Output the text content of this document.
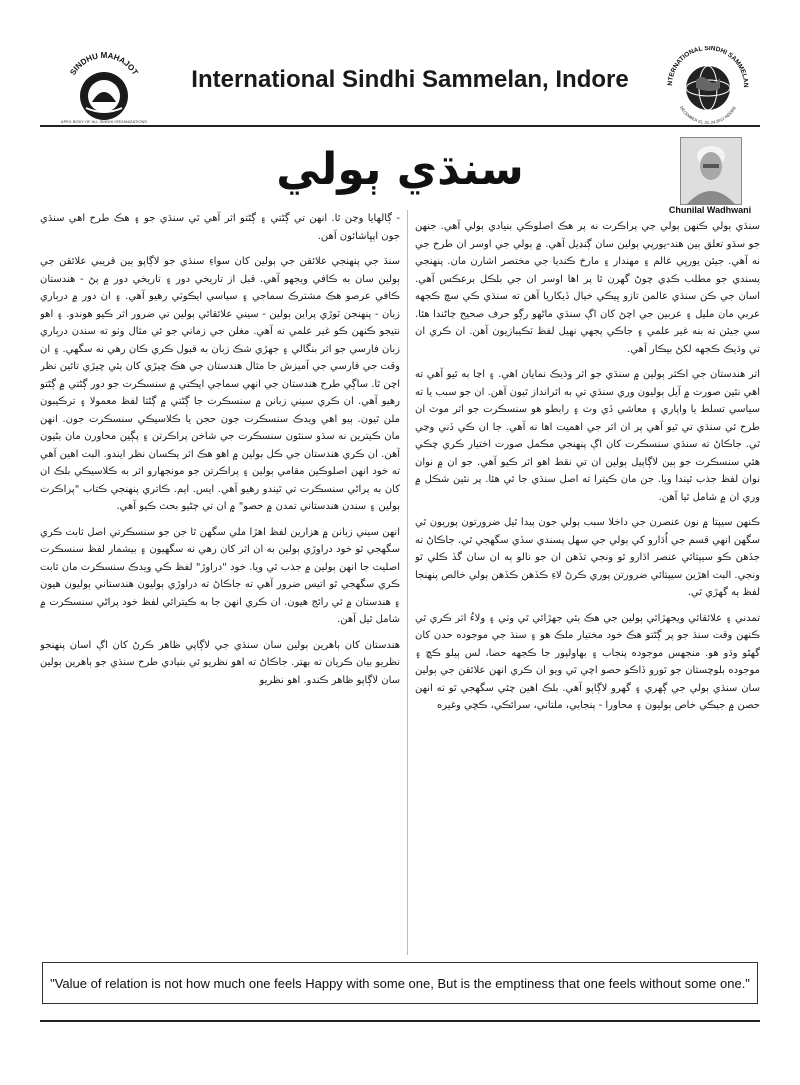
SINDHU MAHAJOT
APEX BODY OF ALL SINDHI ORGANIZATIONS
International Sindhi Sammelan, Indore	NTERNATIONAL SINDHI SAMMELAN
DECEMBER 22, 23, 24 2012 INDORE
سنڌي ٻولي
Chunilal Wadhwani

- ڳالهايا وڃن ٿا. انهن تي ڳڻتي ۽ ڳڻتو اثر آهي ٿي سنڌي جو ۽ هڪ طرح اهي سنڌي جون اپڀاشائون آهن.

سنڌ جي پنهنجي علائقن جي ٻولين کان سواءِ سنڌي جو لاڳاپو ٻين قريبي علائقن جي ٻولين سان به ڪافي ويجهو آهي. قبل از تاريخي دور ۽ تاريخي دور ۾ پڻ - هندستان ڪافي عرصو هڪ مشترڪ سماجي ۽ سياسي ايڪوٽي رهيو آهي. ۽ ان دور ۾ درٻاري زبان - پنهنجن ٽوڙي پراين ٻولين - سيني علائقائي ٻولين تي ضرور اثر ڪيو هوندو. ۽ اهو نتيجو ڪنهن ڪو غير علمي نه آهي. مغلن جي زماني جو ئي مثال وٺو ته سندن درٻاري زبان فارسي جو اثر بنگالي ۽ جهڙي شڪ زبان به قبول ڪري ڪان رهي نه سگهي. ۽ ان وقت جي فارسي جي آميزش جا مثال هندستان جي هڪ ڇيڙي کان ٻئي ڇيڙي تائين نظر اچن ٿا. ساڳي طرح هندستان جي انهي سماجي ايڪتي ۾ سنسڪرت جو دور ڳڻتي ۾ ڳڻتو رهيو آهي. ان ڪري سيني زبانن ۾ سنسڪرت جا ڳڻتي ۾ ڳڻتا لفظ معمولا ۽ ترڪيبون ملن ٿيون. ٻيو اهي ويدڪ سنسڪرت جون حجن يا ڪلاسيڪي سنسڪرت جون. انهن مان ڪيترين نه سڌو سنئون سنسڪرت جي شاخن پراڪرتن ۽ پڳين محاورن مان بڻيون آهن. ان ڪري هندستان جي ڪل ٻولين ۾ اهو هڪ اثر يڪسان نظر ايندو. البت اهين آهي ته خود انهن اصلوڪين مقامي ٻولين ۽ پراڪرتن جو مونجهارو اثر به ڪلاسيڪي بلڪ ان کان به پراڻي سنسڪرت تي ٿيندو رهيو آهي. ايس. ايم. ڪاتري پنهنجي ڪتاب "پراڪرت ٻولين ۽ سندن هندستاني تمدن ۾ حصو" ۾ ان تي ڄڻيو بحث ڪيو آهي.

انهن سيني زبانن ۾ هزارين لفظ اهڙا ملي سگهن ٿا جن جو سنسڪرتي اصل ثابت ڪري سگهجي ٿو خود دراوڙي ٻولين به ان اثر کان رهي نه سگهيون ۽ بيشمار لفظ سنسڪرت اصليت جا انهن ٻولين ۾ جذب ٿي ويا. خود "دراوڙ" لفظ ڪي ويدڪ سنسڪرت مان ثابت ڪري سگهجي ٿو اتيس ضرور آهي ته جاڪاڻ ته دراوڙي ٻوليون هندستاني ٻوليون هيون ۽ هندستان ۾ ئي رائج هيون. ان ڪري انهن جا به ڪيترائي لفظ خود پراڻي سنسڪرت ۾ شامل ٿيل آهن.

هندستان کان ٻاهرين ٻولين سان سنڌي جي لاڳاپي ظاهر ڪرڻ کان اڳ اسان پنهنجو نظريو بيان ڪريان ته بهتر. جاڪاڻ ته اهو نظريو ئي بنيادي طرح سنڌي جو ٻاهرين ٻولين سان لاڳاپو ظاهر ڪندو. اهو نظريو

سنڌي ٻولي ڪنهن ٻولي جي پراڪرت نه پر هڪ اصلوڪي بنيادي ٻولي آهي. جنهن جو سڌو تعلق ٻين هند-يورپي ٻولين سان ڳنڍيل آهي. ۾ ٻولي جي اوسر ان طرح جي نه آهي. جيئن يورپي عالم ۽ مهندار ۽ مارخ ڪنديا جي مختصر اشارن مان. پنهنجي پسندي جو مطلب ڪڍي چوڻ گهرن ٿا پر اها اوسر ان جي بلڪل برعڪس آهي. اسان جي ڪن سنڌي عالمن تازو ڀيڪي خيال ڏيکاريا آهن ته سنڌي ڪي سچ ڪجهه عربي مان مليل ۽ عربين جي اچڻ کان اڳ سنڌي ماڻهو رڳو حرف صحيح ڄاڻندا هئا. سي جيئن ته بنه غير علمي ۽ جاڪي پجهي نهيل لفظ ٽڪيبازيون آهن. ان ڪري ان تي وڌيڪ ڪجهه لکڻ بيڪار آهي.

اتر هندستان جي اڪثر ٻولين ۾ سنڌي جو اثر وڌيڪ نمايان اهي. ۽ اڃا به ٿيو آهي ته اهي نئين صورت ۾ آيل ٻوليون وري سنڌي تي به اثرانداز ٿيون آهن. ان جو سبب يا ته سياسي تسلط يا واپاري ۽ معاشي ڏي وٺ ۽ رابطو هو سنسڪرت جو اثر موٽ ان طرح ئي سنڌي تي ٿيو آهي پر ان اثر جي اهميت اها نه آهي. جا ان ڪي ڏني وڃي ٿي. جاڪاڻ ته سنڌي سنسڪرت کان اڳ پنهنجي مڪمل صورت اختيار ڪري چڪي هئي سنسڪرت جو ٻين لاڳاپيل ٻولين ان تي نقط اهو اثر ڪيو آهي. جو ان ۾ نوان نوان لفظ جذب ٿيندا ويا. جن مان ڪيترا ته اصل سنڌي جا ئي هئا. پر نئين شڪل ۾ وري ان ۾ شامل ٿيا آهن.

ڪنهن سيپتا ۾ نون عنصرن جي داخلا سبب ٻولي جون پيدا ٿيل ضرورتون پوريون ٿي سگهن انهي قسم جي اُڌارو کي ٻولي جي سهل پسندي سڏي سگهجي ٿي. جاڪاڻ ته جڏهن ڪو سيپتائي عنصر اڌارو ٿو ونجي تڏهن ان جو نالو ٻه ان سان گڏ ڪلي ٿو ونجي. البت اهڙين سيپتائي ضرورتن پوري ڪرڻ لاءِ ڪڏهن ڪڏهن ٻولي خالص پنهنجا لفظ ٻه گهڙي ٿي.

تمدني ۽ علائقائي ويجهڙائي ٻولين جي هڪ ٻئي جهڙائي ٿي وٺي ۽ ولاءُ اثر ڪري ٿي ڪنهن وقت سنڌ جو پر ڳڻتو هڪ خود مختيار ملڪ هو ۽ سنڌ جي موجوده حدن کان گهڻو وڌو هو. منجهس موجوده پنجاب ۽ بهاولپور جا ڪجهه حصا، لس ٻيلو ڪڇ ۽ موجوده بلوچستان جو ٿورو ڏاڪو حصو اچي ٿي ويو ان ڪري انهن علائقن جي ٻولين سان سنڌي ٻولي جي ڳهري ۽ گهرو لاڳاپو آهي. بلڪ اهين چئي سگهجي ٿو ته انهن حصن ۾ جيڪي خاص ٻوليون ۽ محاورا - پنجابي، ملتاني، سرائڪي، ڪڇي وغيره

"Value of relation is not how much one feels Happy with some one, But is the emptiness that one feels without some one."
